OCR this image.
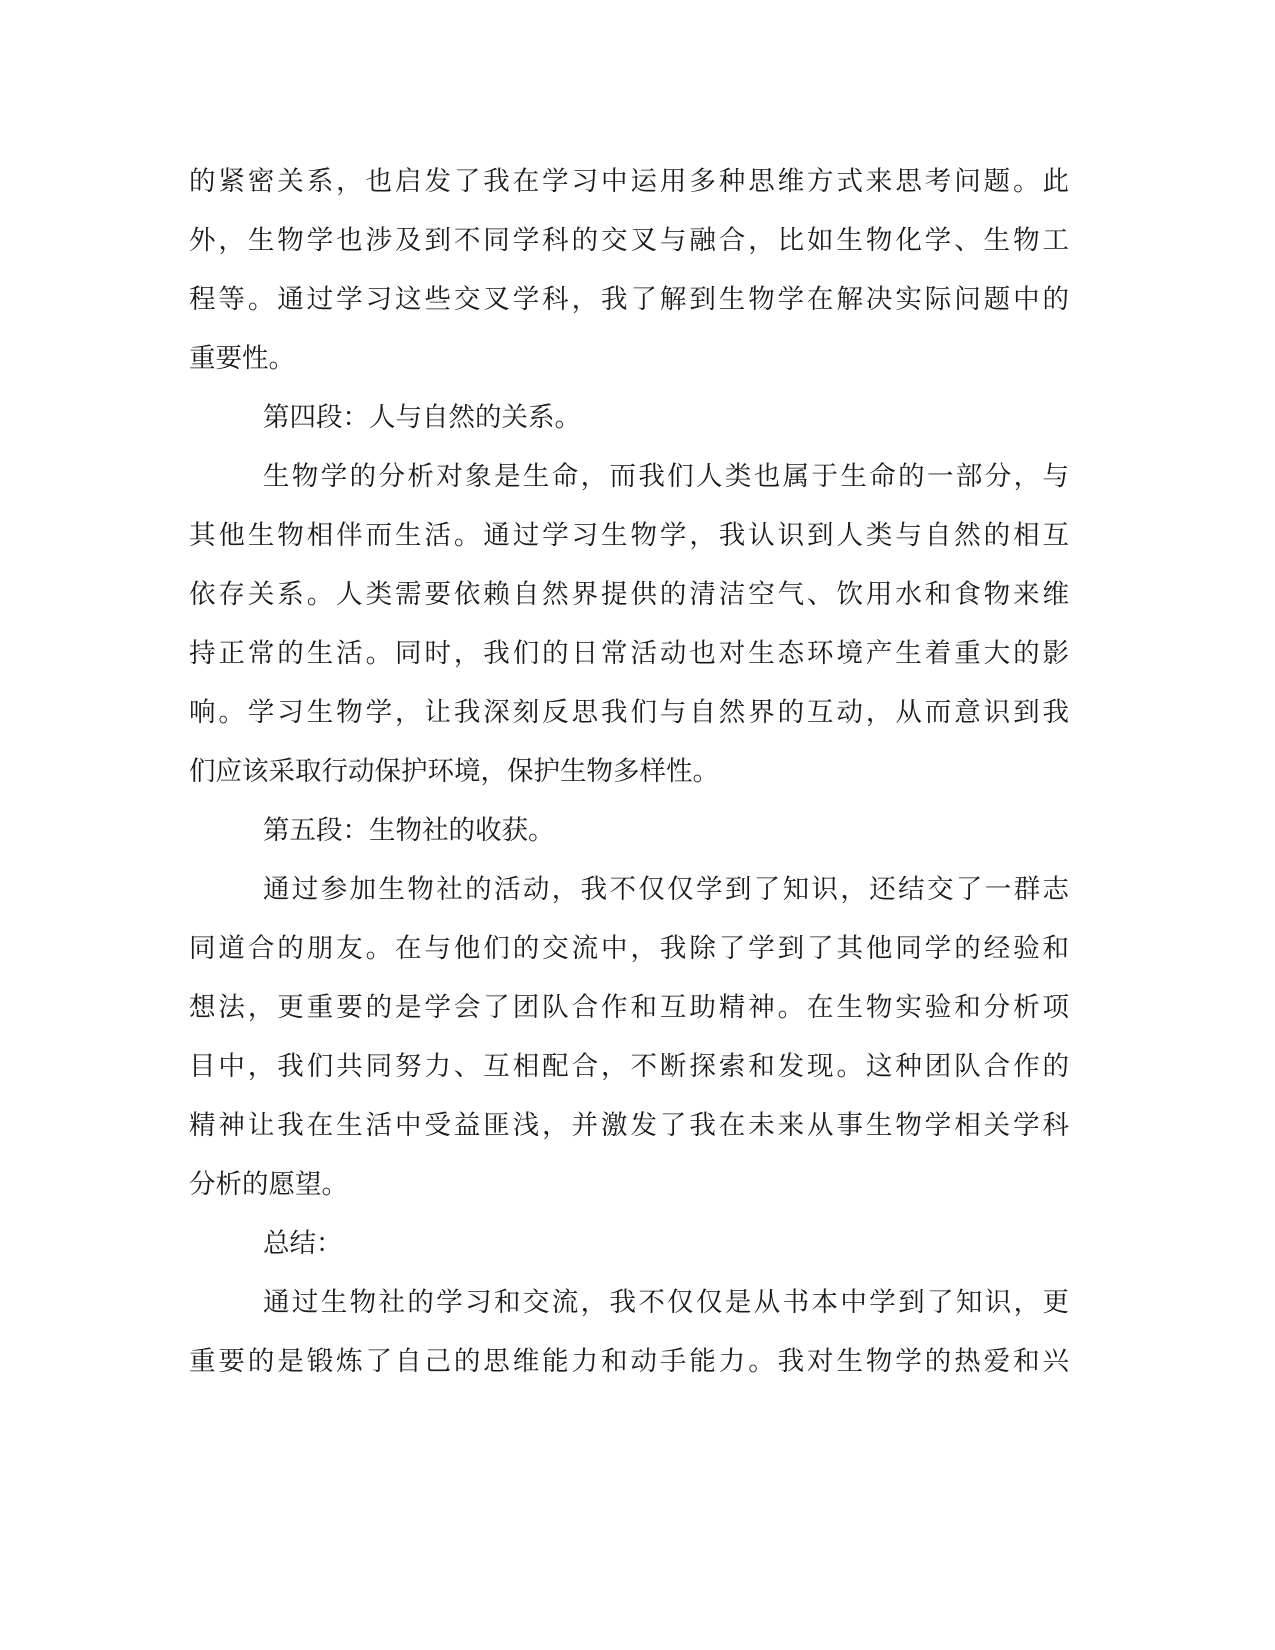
的紧密关系，也启发了我在学习中运用多种思维方式来思考问题。此
外，生物学也涉及到不同学科的交叉与融合，比如生物化学、生物工
程等。通过学习这些交叉学科，我了解到生物学在解决实际问题中的
重要性。
第四段：人与自然的关系。
生物学的分析对象是生命，而我们人类也属于生命的一部分，与
其他生物相伴而生活。通过学习生物学，我认识到人类与自然的相互
依存关系。人类需要依赖自然界提供的清洁空气、饮用水和食物来维
持正常的生活。同时，我们的日常活动也对生态环境产生着重大的影
响。学习生物学，让我深刻反思我们与自然界的互动，从而意识到我
们应该采取行动保护环境，保护生物多样性。
第五段：生物社的收获。
通过参加生物社的活动，我不仅仅学到了知识，还结交了一群志
同道合的朋友。在与他们的交流中，我除了学到了其他同学的经验和
想法，更重要的是学会了团队合作和互助精神。在生物实验和分析项
目中，我们共同努力、互相配合，不断探索和发现。这种团队合作的
精神让我在生活中受益匪浅，并激发了我在未来从事生物学相关学科
分析的愿望。
总结：
通过生物社的学习和交流，我不仅仅是从书本中学到了知识，更
重要的是锻炼了自己的思维能力和动手能力。我对生物学的热爱和兴
